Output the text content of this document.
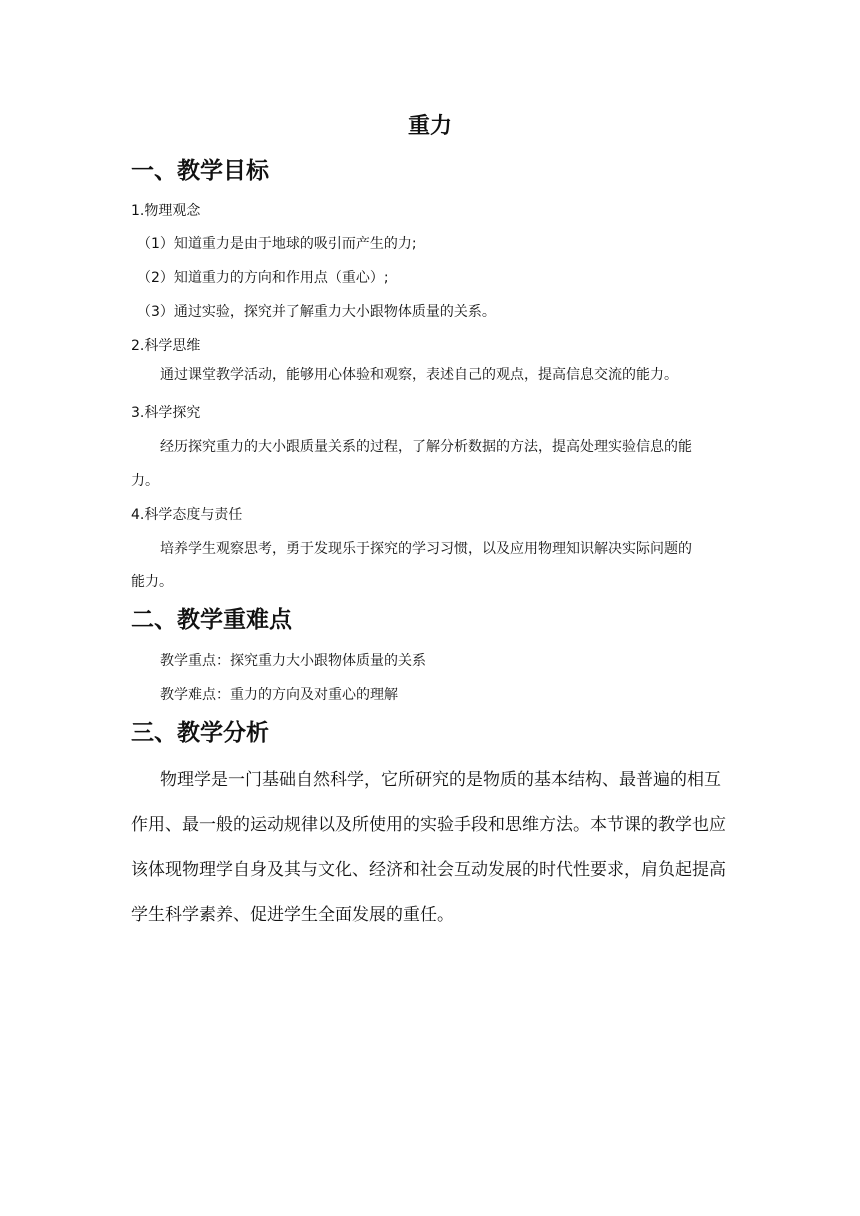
重力
一、教学目标
1.物理观念
（1）知道重力是由于地球的吸引而产生的力;
（2）知道重力的方向和作用点（重心）;
（3）通过实验，探究并了解重力大小跟物体质量的关系。
2.科学思维
通过课堂教学活动，能够用心体验和观察，表述自己的观点，提高信息交流的能力。
3.科学探究
经历探究重力的大小跟质量关系的过程，了解分析数据的方法，提高处理实验信息的能
力。
4.科学态度与责任
培养学生观察思考，勇于发现乐于探究的学习习惯，以及应用物理知识解决实际问题的
能力。
二、教学重难点
教学重点：探究重力大小跟物体质量的关系
教学难点：重力的方向及对重心的理解
三、教学分析
物理学是一门基础自然科学，它所研究的是物质的基本结构、最普遍的相互
作用、最一般的运动规律以及所使用的实验手段和思维方法。本节课的教学也应
该体现物理学自身及其与文化、经济和社会互动发展的时代性要求，肩负起提高
学生科学素养、促进学生全面发展的重任。
